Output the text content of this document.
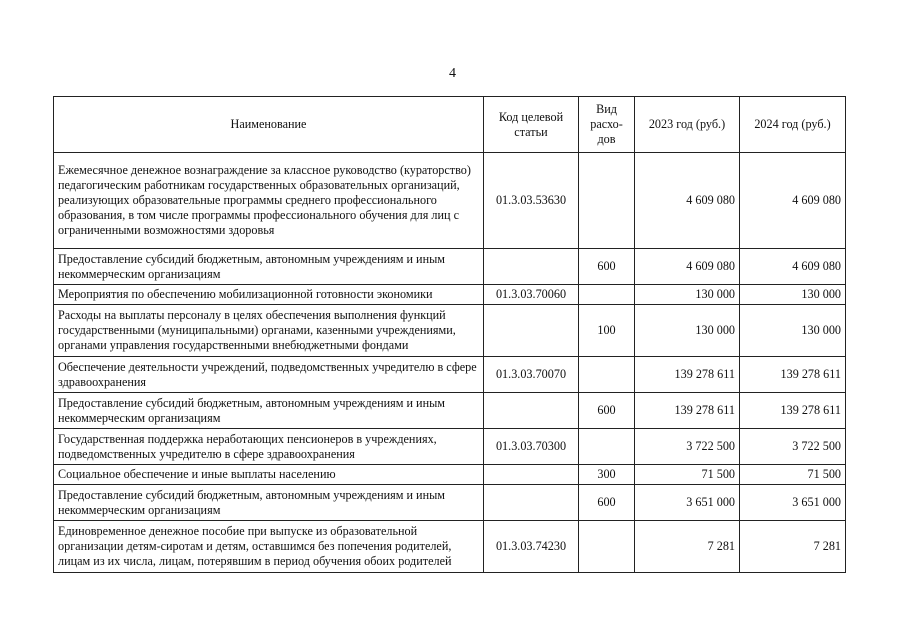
4
Наименование	Код целевой статьи	Вид расхо-дов	2023 год (руб.)	2024 год (руб.)
Ежемесячное денежное вознаграждение за классное руководство (кураторство) педагогическим работникам государственных образовательных организаций, реализующих образовательные программы среднего профессионального образования, в том числе программы профессионального обучения для лиц с ограниченными возможностями здоровья	01.3.03.53630		4 609 080	4 609 080
Предоставление субсидий бюджетным, автономным учреждениям и иным некоммерческим организациям		600	4 609 080	4 609 080
Мероприятия по обеспечению мобилизационной готовности экономики	01.3.03.70060		130 000	130 000
Расходы на выплаты персоналу в целях обеспечения выполнения функций государственными (муниципальными) органами, казенными учреждениями, органами управления государственными внебюджетными фондами		100	130 000	130 000
Обеспечение деятельности учреждений, подведомственных учредителю в сфере здравоохранения	01.3.03.70070		139 278 611	139 278 611
Предоставление субсидий бюджетным, автономным учреждениям и иным некоммерческим организациям		600	139 278 611	139 278 611
Государственная поддержка неработающих пенсионеров в учреждениях, подведомственных учредителю в сфере здравоохранения	01.3.03.70300		3 722 500	3 722 500
Социальное обеспечение и иные выплаты населению		300	71 500	71 500
Предоставление субсидий бюджетным, автономным учреждениям и иным некоммерческим организациям		600	3 651 000	3 651 000
Единовременное денежное пособие при выпуске из образовательной организации детям-сиротам и детям, оставшимся без попечения родителей, лицам из их числа, лицам, потерявшим в период обучения обоих родителей	01.3.03.74230		7 281	7 281
